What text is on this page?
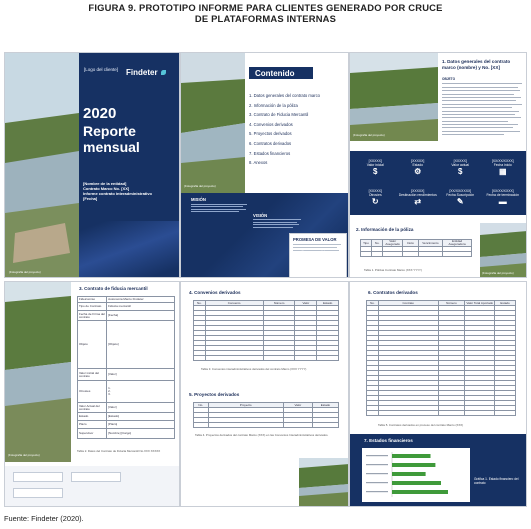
FIGURA 9. PROTOTIPO INFORME PARA CLIENTES GENERADO POR CRUCE
DE PLATAFORMAS INTERNAS
[Logo del cliente] Findeter
2020
Reporte
mensual
[Nombre de la entidad]
Contrato Marco No. [XX]
Informe contrato interadministrativo
[Fecha]
(Fotografía del proyecto)
Contenido
1. Datos generales del contrato marco
2. Información de la póliza
3. Contrato de Fiducia Mercantil
4. Convenios derivados
5. Proyectos derivados
6. Contratos derivados
7. Estados financieros
8. Anexos
(Fotografía del proyecto)
MISIÓN
VISIÓN
PROMESA DE VALOR
Comprometidos con Colombia
(Fotografía del proyecto)
1. Datos generales del contrato marco (nombre) y No. [XX]
OBJETO
[XXXXX]
Valor inicial
$
[XXXXX]
Estado
⚙
[XXXXX]
Valor actual
$
[XX/XX/XXXX]
Fecha inicio
▦
[XXXXX]
Otrosíes
↻
[XXXXX]
Destinación rendimientos
⇄
[XX/XX/XXXX]
Fecha Suscripción
✎
[XX/XX/XXXX]
Fecha de terminación
▬
2. Información de la póliza
Tipo	No.	Valor Asegurado	Inicio	Vencimiento	Entidad Aseguradora

Tabla 1. Pólizas Contrato Marco (XXX YYYY)
(Fotografía del proyecto)
(Fotografía del proyecto)
3. Contrato de fiducia mercantil
Fideicomiso	Autonomía Marco Findeter
Tipo de Contrato	Fiducia mercantil
Fecha de Firma del contrato	[Fecha]
Objeto	[Objeto]
Valor inicial del contrato	[Valor]
Otrosíes	1.
2.
3.
Valor Actual del contrato	[Valor]
Estado	[Estado]
Plazo	[Plazo]
Supervisor	[Nombre] [Cargo]
Tabla 2. Datos del Contrato de Fiducia Mercantil No.XXX XXXXX
4. Convenios derivados
No.	Convenio	Número	Valor	Estado

Tabla 3. Convenios interadministrativos derivados del contrato Marco (XXX YYYY)
5. Proyectos derivados
No.	Proyecto	Valor	Estado

Tabla 4. Proyectos derivados del contrato Marco (XXX) en las Convenios Interadministrativos derivados.
6. Contratos derivados
No.	Contrato	Número	Valor Total Aportado	Estado

Tabla 5. Contratos derivados en proceso del contrato Marco (XXX)
7. Estados financieros
Gráfica 1. Estado financiero del contrato
Fuente: Findeter (2020).
